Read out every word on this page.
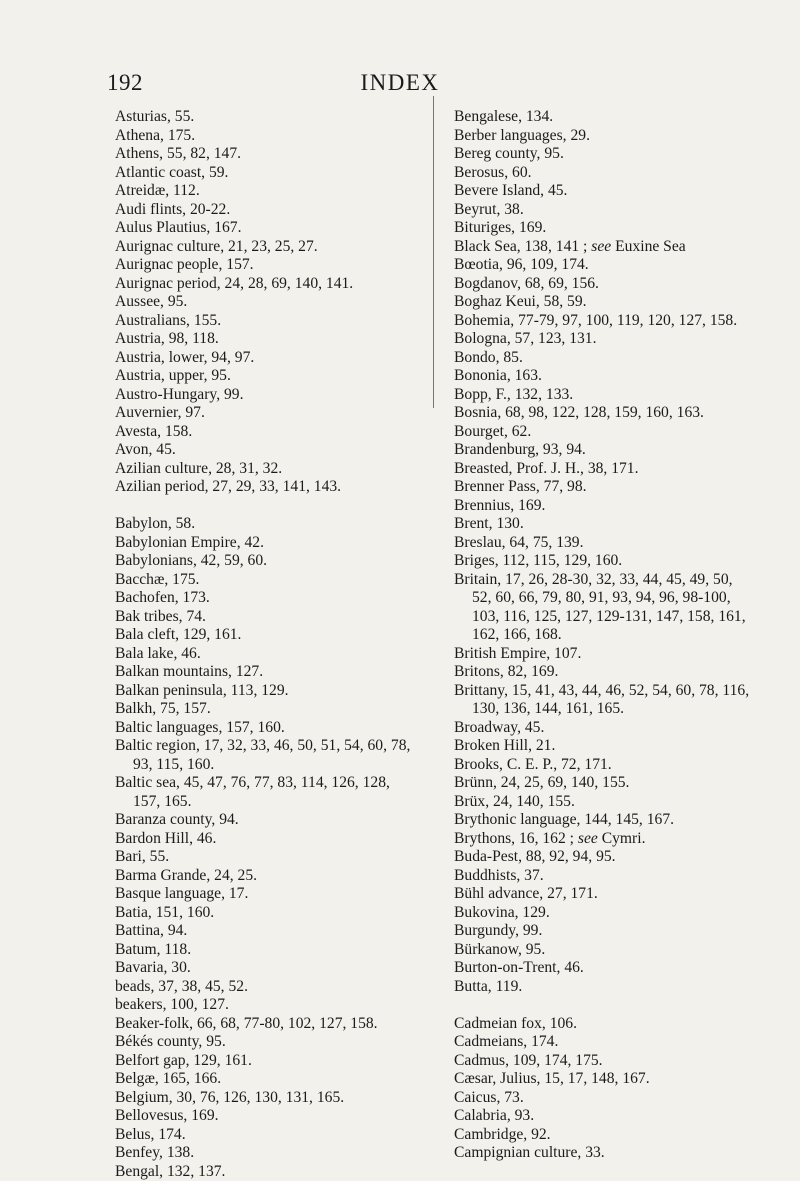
192	INDEX
Asturias, 55.
Athena, 175.
Athens, 55, 82, 147.
Atlantic coast, 59.
Atreidæ, 112.
Audi flints, 20-22.
Aulus Plautius, 167.
Aurignac culture, 21, 23, 25, 27.
Aurignac people, 157.
Aurignac period, 24, 28, 69, 140, 141.
Aussee, 95.
Australians, 155.
Austria, 98, 118.
Austria, lower, 94, 97.
Austria, upper, 95.
Austro-Hungary, 99.
Auvernier, 97.
Avesta, 158.
Avon, 45.
Azilian culture, 28, 31, 32.
Azilian period, 27, 29, 33, 141, 143.
Babylon, 58.
Babylonian Empire, 42.
Babylonians, 42, 59, 60.
Bacchæ, 175.
Bachofen, 173.
Bak tribes, 74.
Bala cleft, 129, 161.
Bala lake, 46.
Balkan mountains, 127.
Balkan peninsula, 113, 129.
Balkh, 75, 157.
Baltic languages, 157, 160.
Baltic region, 17, 32, 33, 46, 50, 51, 54, 60, 78, 93, 115, 160.
Baltic sea, 45, 47, 76, 77, 83, 114, 126, 128, 157, 165.
Baranza county, 94.
Bardon Hill, 46.
Bari, 55.
Barma Grande, 24, 25.
Basque language, 17.
Batia, 151, 160.
Battina, 94.
Batum, 118.
Bavaria, 30.
beads, 37, 38, 45, 52.
beakers, 100, 127.
Beaker-folk, 66, 68, 77-80, 102, 127, 158.
Békés county, 95.
Belfort gap, 129, 161.
Belgæ, 165, 166.
Belgium, 30, 76, 126, 130, 131, 165.
Bellovesus, 169.
Belus, 174.
Benfey, 138.
Bengal, 132, 137.
Bengalese, 134.
Berber languages, 29.
Bereg county, 95.
Berosus, 60.
Bevere Island, 45.
Beyrut, 38.
Bituriges, 169.
Black Sea, 138, 141 ; see Euxine Sea
Bœotia, 96, 109, 174.
Bogdanov, 68, 69, 156.
Boghaz Keui, 58, 59.
Bohemia, 77-79, 97, 100, 119, 120, 127, 158.
Bologna, 57, 123, 131.
Bondo, 85.
Bononia, 163.
Bopp, F., 132, 133.
Bosnia, 68, 98, 122, 128, 159, 160, 163.
Bourget, 62.
Brandenburg, 93, 94.
Breasted, Prof. J. H., 38, 171.
Brenner Pass, 77, 98.
Brennius, 169.
Brent, 130.
Breslau, 64, 75, 139.
Briges, 112, 115, 129, 160.
Britain, 17, 26, 28-30, 32, 33, 44, 45, 49, 50, 52, 60, 66, 79, 80, 91, 93, 94, 96, 98-100, 103, 116, 125, 127, 129-131, 147, 158, 161, 162, 166, 168.
British Empire, 107.
Britons, 82, 169.
Brittany, 15, 41, 43, 44, 46, 52, 54, 60, 78, 116, 130, 136, 144, 161, 165.
Broadway, 45.
Broken Hill, 21.
Brooks, C. E. P., 72, 171.
Brünn, 24, 25, 69, 140, 155.
Brüx, 24, 140, 155.
Brythonic language, 144, 145, 167.
Brythons, 16, 162 ; see Cymri.
Buda-Pest, 88, 92, 94, 95.
Buddhists, 37.
Bühl advance, 27, 171.
Bukovina, 129.
Burgundy, 99.
Bürkanow, 95.
Burton-on-Trent, 46.
Butta, 119.
Cadmeian fox, 106.
Cadmeians, 174.
Cadmus, 109, 174, 175.
Cæsar, Julius, 15, 17, 148, 167.
Caicus, 73.
Calabria, 93.
Cambridge, 92.
Campignian culture, 33.
